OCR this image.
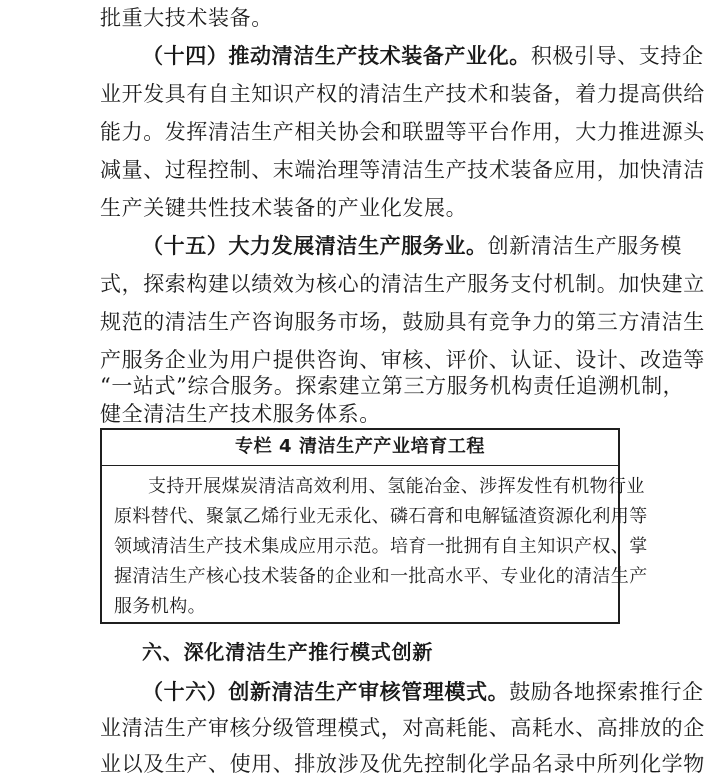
批重大技术装备。
（十四）推动清洁生产技术装备产业化。积极引导、支持企
业开发具有自主知识产权的清洁生产技术和装备，着力提高供给
能力。发挥清洁生产相关协会和联盟等平台作用，大力推进源头
减量、过程控制、末端治理等清洁生产技术装备应用，加快清洁
生产关键共性技术装备的产业化发展。
（十五）大力发展清洁生产服务业。创新清洁生产服务模
式，探索构建以绩效为核心的清洁生产服务支付机制。加快建立
规范的清洁生产咨询服务市场，鼓励具有竞争力的第三方清洁生
产服务企业为用户提供咨询、审核、评价、认证、设计、改造等
“一站式”综合服务。探索建立第三方服务机构责任追溯机制，
健全清洁生产技术服务体系。
专栏 4 清洁生产产业培育工程
支持开展煤炭清洁高效利用、氢能冶金、涉挥发性有机物行业
原料替代、聚氯乙烯行业无汞化、磷石膏和电解锰渣资源化利用等
领域清洁生产技术集成应用示范。培育一批拥有自主知识产权、掌
握清洁生产核心技术装备的企业和一批高水平、专业化的清洁生产
服务机构。
六、深化清洁生产推行模式创新
（十六）创新清洁生产审核管理模式。鼓励各地探索推行企
业清洁生产审核分级管理模式，对高耗能、高耗水、高排放的企
业以及生产、使用、排放涉及优先控制化学品名录中所列化学物
